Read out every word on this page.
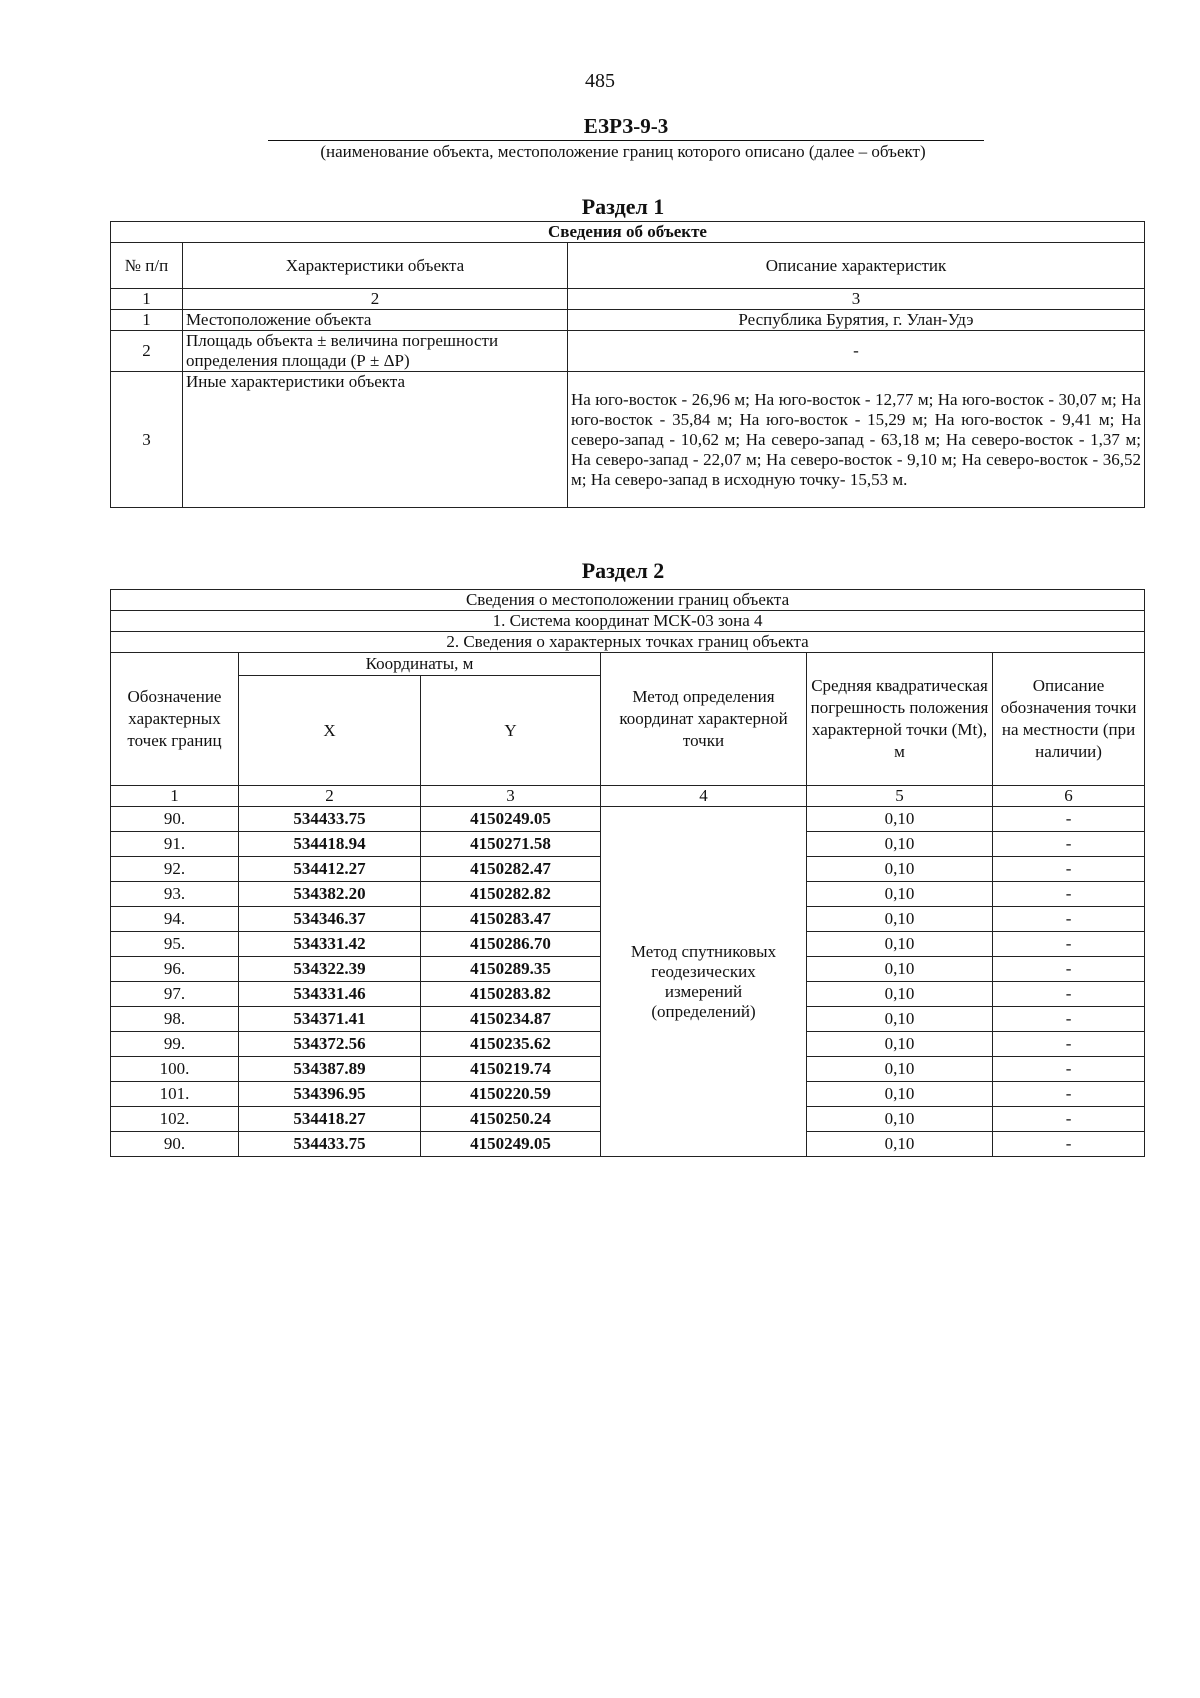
485
ЕЗРЗ-9-3
(наименование объекта, местоположение границ которого описано (далее – объект)
Раздел 1
Сведения об объекте		
№ п/п	Характеристики объекта	Описание характеристик
1	2	3
1	Местоположение объекта	Республика Бурятия, г. Улан-Удэ
2	Площадь объекта ± величина погрешности определения площади (Р ± ΔР)	-
3	Иные характеристики объекта	На юго-восток - 26,96 м; На юго-восток - 12,77 м; На юго-восток - 30,07 м; На юго-восток - 35,84 м; На юго-восток - 15,29 м; На юго-восток - 9,41 м; На северо-запад - 10,62 м; На северо-запад - 63,18 м; На северо-восток - 1,37 м; На северо-запад - 22,07 м; На северо-восток - 9,10 м; На северо-восток - 36,52 м; На северо-запад в исходную точку- 15,53 м.
Раздел 2
Сведения о местоположении границ объекта					
1. Система координат МСК-03 зона 4					
2. Сведения о характерных точках границ объекта					
Обозначение характерных точек границ	Координаты, м		Метод определения координат характерной точки	Средняя квадратическая погрешность положения характерной точки (Mt), м	Описание обозначения точки на местности (при наличии)
	X	Y			
1	2	3	4	5	6
90.	534433.75	4150249.05	Метод спутниковых геодезических измерений (определений)	0,10	-
91.	534418.94	4150271.58		0,10	-
92.	534412.27	4150282.47		0,10	-
93.	534382.20	4150282.82		0,10	-
94.	534346.37	4150283.47		0,10	-
95.	534331.42	4150286.70		0,10	-
96.	534322.39	4150289.35		0,10	-
97.	534331.46	4150283.82		0,10	-
98.	534371.41	4150234.87		0,10	-
99.	534372.56	4150235.62		0,10	-
100.	534387.89	4150219.74		0,10	-
101.	534396.95	4150220.59		0,10	-
102.	534418.27	4150250.24		0,10	-
90.	534433.75	4150249.05		0,10	-
